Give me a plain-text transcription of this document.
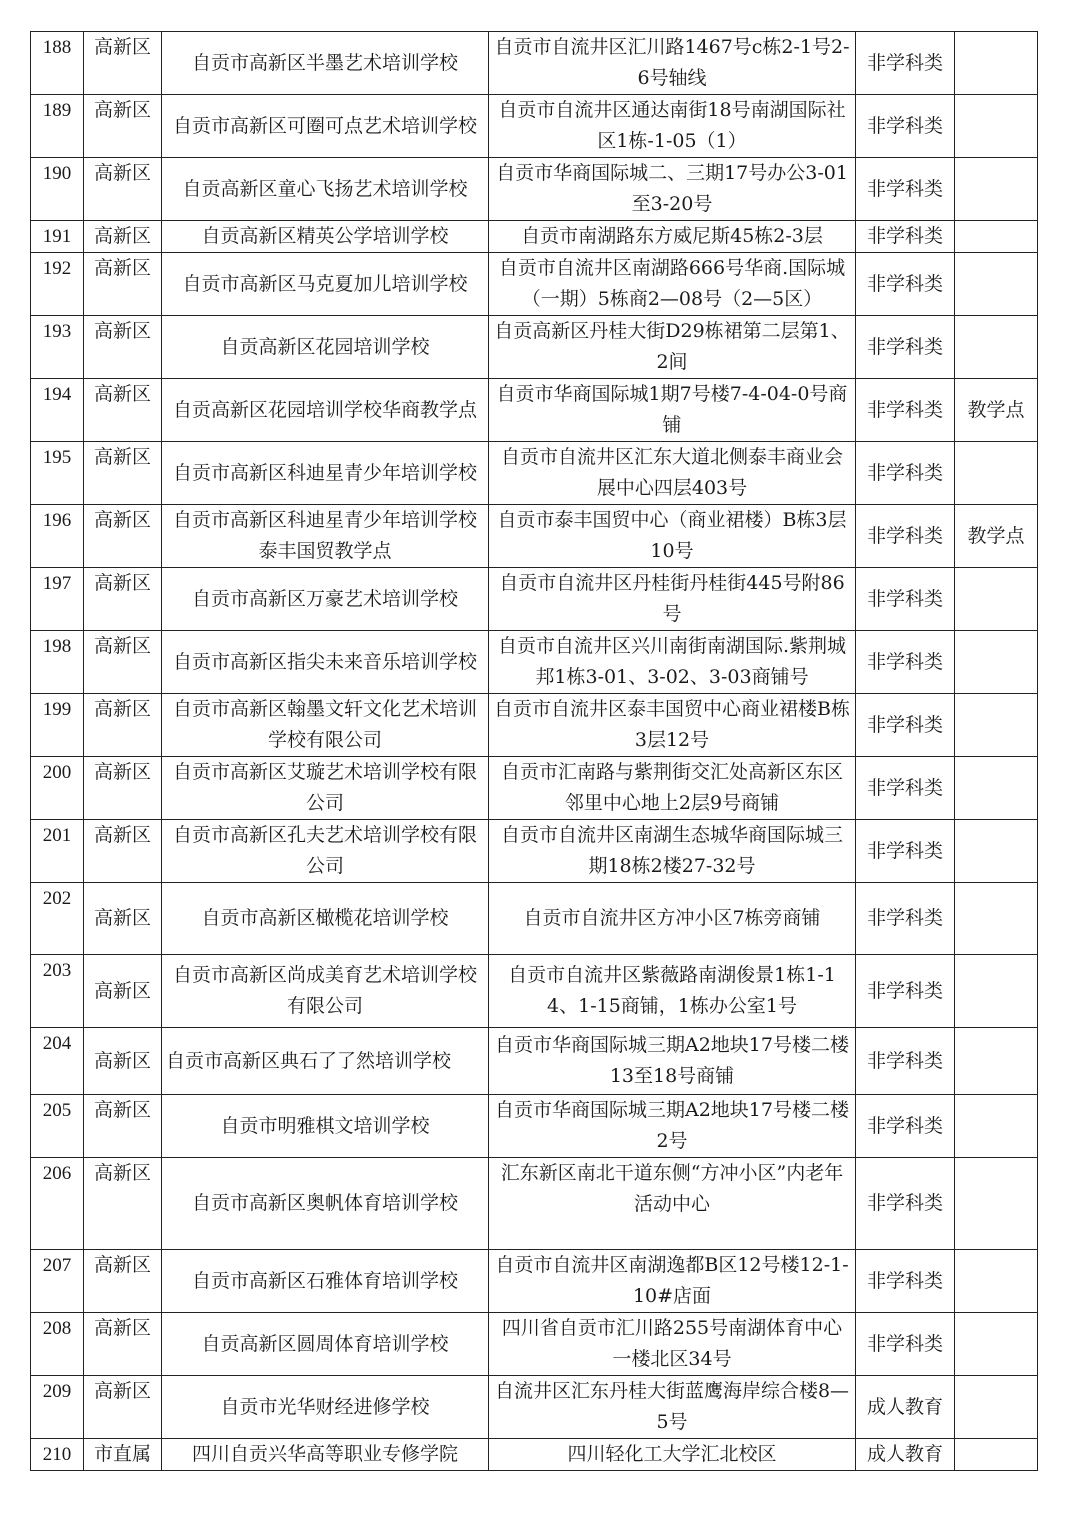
188	高新区	自贡市高新区半墨艺术培训学校	自贡市自流井区汇川路1467号c栋2-1号2-6号轴线	非学科类	
189	高新区	自贡市高新区可圈可点艺术培训学校	自贡市自流井区通达南街18号南湖国际社区1栋-1-05（1）	非学科类	
190	高新区	自贡高新区童心飞扬艺术培训学校	自贡市华商国际城二、三期17号办公3-01至3-20号	非学科类	
191	高新区	自贡高新区精英公学培训学校	自贡市南湖路东方威尼斯45栋2-3层	非学科类	
192	高新区	自贡市高新区马克夏加儿培训学校	自贡市自流井区南湖路666号华商.国际城（一期）5栋商2—08号（2—5区）	非学科类	
193	高新区	自贡高新区花园培训学校	自贡高新区丹桂大街D29栋裙第二层第1、2间	非学科类	
194	高新区	自贡高新区花园培训学校华商教学点	自贡市华商国际城1期7号楼7-4-04-0号商铺	非学科类	教学点
195	高新区	自贡市高新区科迪星青少年培训学校	自贡市自流井区汇东大道北侧泰丰商业会展中心四层403号	非学科类	
196	高新区	自贡市高新区科迪星青少年培训学校泰丰国贸教学点	自贡市泰丰国贸中心（商业裙楼）B栋3层10号	非学科类	教学点
197	高新区	自贡市高新区万豪艺术培训学校	自贡市自流井区丹桂街丹桂街445号附86号	非学科类	
198	高新区	自贡市高新区指尖未来音乐培训学校	自贡市自流井区兴川南街南湖国际.紫荆城邦1栋3-01、3-02、3-03商铺号	非学科类	
199	高新区	自贡市高新区翰墨文轩文化艺术培训学校有限公司	自贡市自流井区泰丰国贸中心商业裙楼B栋3层12号	非学科类	
200	高新区	自贡市高新区艾璇艺术培训学校有限公司	自贡市汇南路与紫荆街交汇处高新区东区邻里中心地上2层9号商铺	非学科类	
201	高新区	自贡市高新区孔夫艺术培训学校有限公司	自贡市自流井区南湖生态城华商国际城三期18栋2楼27-32号	非学科类	
202	高新区	自贡市高新区橄榄花培训学校	自贡市自流井区方冲小区7栋旁商铺	非学科类	
203	高新区	自贡市高新区尚成美育艺术培训学校有限公司	自贡市自流井区紫薇路南湖俊景1栋1-14、1-15商铺，1栋办公室1号	非学科类	
204	高新区	自贡市高新区典石了了然培训学校	自贡市华商国际城三期A2地块17号楼二楼13至18号商铺	非学科类	
205	高新区	自贡市明雅棋文培训学校	自贡市华商国际城三期A2地块17号楼二楼2号	非学科类	
206	高新区	自贡市高新区奥帆体育培训学校	汇东新区南北干道东侧“方冲小区”内老年活动中心	非学科类	
207	高新区	自贡市高新区石雅体育培训学校	自贡市自流井区南湖逸都B区12号楼12-1-10#店面	非学科类	
208	高新区	自贡高新区圆周体育培训学校	四川省自贡市汇川路255号南湖体育中心一楼北区34号	非学科类	
209	高新区	自贡市光华财经进修学校	自流井区汇东丹桂大街蓝鹰海岸综合楼8—5号	成人教育	
210	市直属	四川自贡兴华高等职业专修学院	四川轻化工大学汇北校区	成人教育	
